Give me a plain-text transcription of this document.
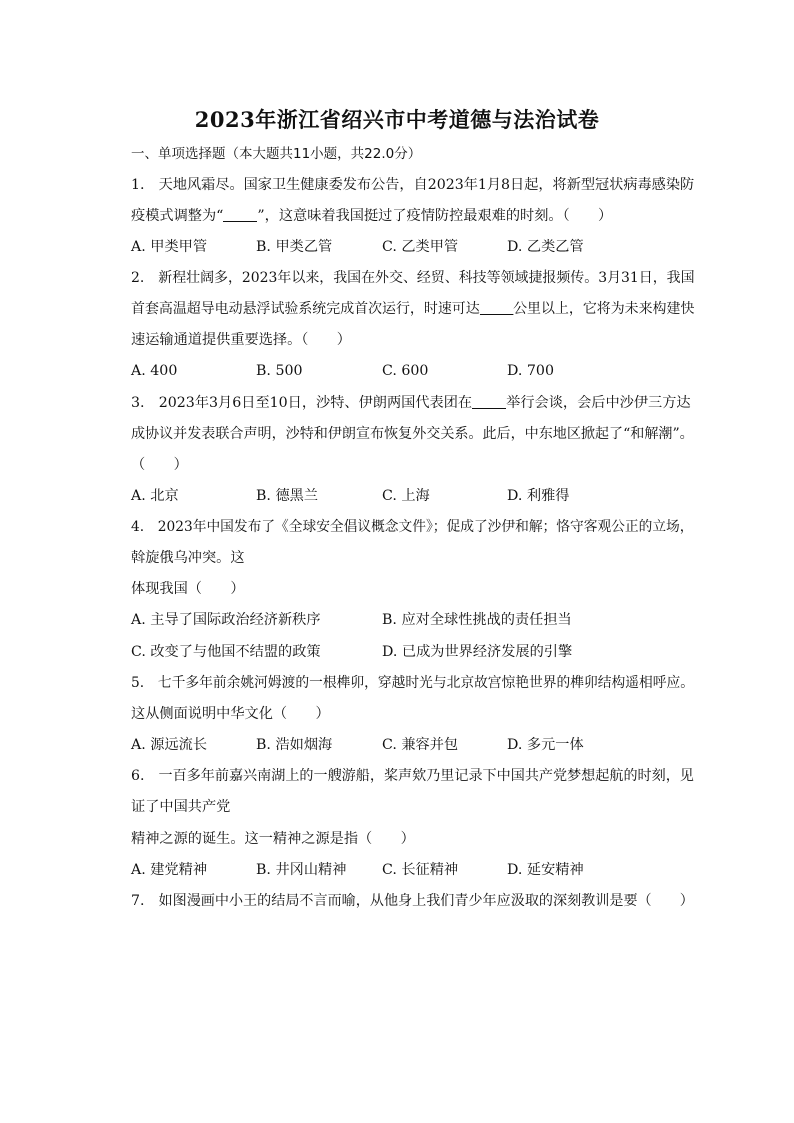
2023年浙江省绍兴市中考道德与法治试卷
一、单项选择题（本大题共11小题，共22.0分）
1.　天地风霜尽。国家卫生健康委发布公告，自2023年1月8日起，将新型冠状病毒感染防
疫模式调整为“ ”，这意味着我国挺过了疫情防控最艰难的时刻。（　　）
A. 甲类甲管	B. 甲类乙管	C. 乙类甲管	D. 乙类乙管
2.　新程壮阔多，2023年以来，我国在外交、经贸、科技等领域捷报频传。3月31日，我国
首套高温超导电动悬浮试验系统完成首次运行，时速可达 公里以上，它将为未来构建快
速运输通道提供重要选择。（　　）
A. 400	B. 500	C. 600	D. 700
3.　2023年3月6日至10日，沙特、伊朗两国代表团在 举行会谈，会后中沙伊三方达
成协议并发表联合声明，沙特和伊朗宣布恢复外交关系。此后，中东地区掀起了“和解潮”。
（　　）
A. 北京	B. 德黑兰	C. 上海	D. 利雅得
4.　2023年中国发布了《全球安全倡议概念文件》；促成了沙伊和解；恪守客观公正的立场，
斡旋俄乌冲突。这
体现我国（　　）
A. 主导了国际政治经济新秩序	B. 应对全球性挑战的责任担当
C. 改变了与他国不结盟的政策	D. 已成为世界经济发展的引擎
5.　七千多年前余姚河姆渡的一根榫卯，穿越时光与北京故宫惊艳世界的榫卯结构遥相呼应。
这从侧面说明中华文化（　　）
A. 源远流长	B. 浩如烟海	C. 兼容并包	D. 多元一体
6.　一百多年前嘉兴南湖上的一艘游船，桨声欸乃里记录下中国共产党梦想起航的时刻，见
证了中国共产党
精神之源的诞生。这一精神之源是指（　　）
A. 建党精神	B. 井冈山精神	C. 长征精神	D. 延安精神
7.　如图漫画中小王的结局不言而喻，从他身上我们青少年应汲取的深刻教训是要（　　）
